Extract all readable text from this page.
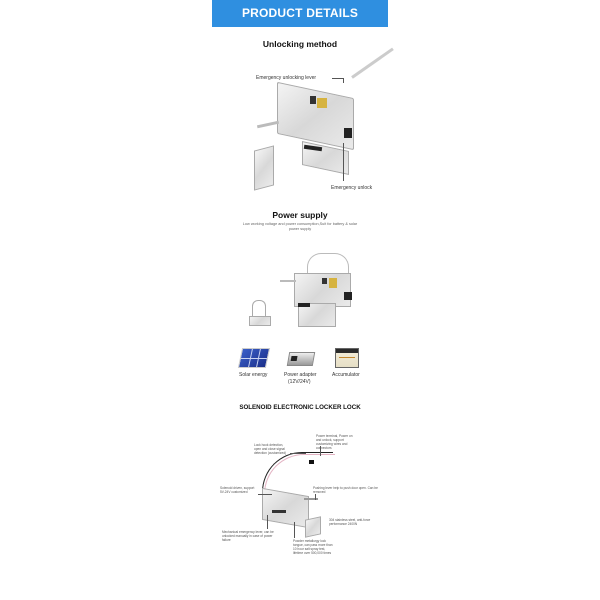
PRODUCT DETAILS
Unlocking method
Emergency unlocking lever
Emergency unlock
Power supply
Low working voltage and power consumption,Suit for battery & solar power supply
Solar energy	Power adapter
(12V/24V)
Accumulator
SOLENOID ELECTRONIC LOCKER LOCK
Lock hook detection, open and close signal detection (customized)
Power terminal, Power on and unlock, support customizing wires and connectors
Solenoid driven, support 5V-24V customized
Pushing lever help to push door open. Can be removed
304 stainless steel, anti-force performance 2400N
Mechanical emergency lever, can be unlocked manually in case of power failure	Powder metallurgy lock tongue, can pass more than 10 hour salt spray test, lifetime over 500,000 times
